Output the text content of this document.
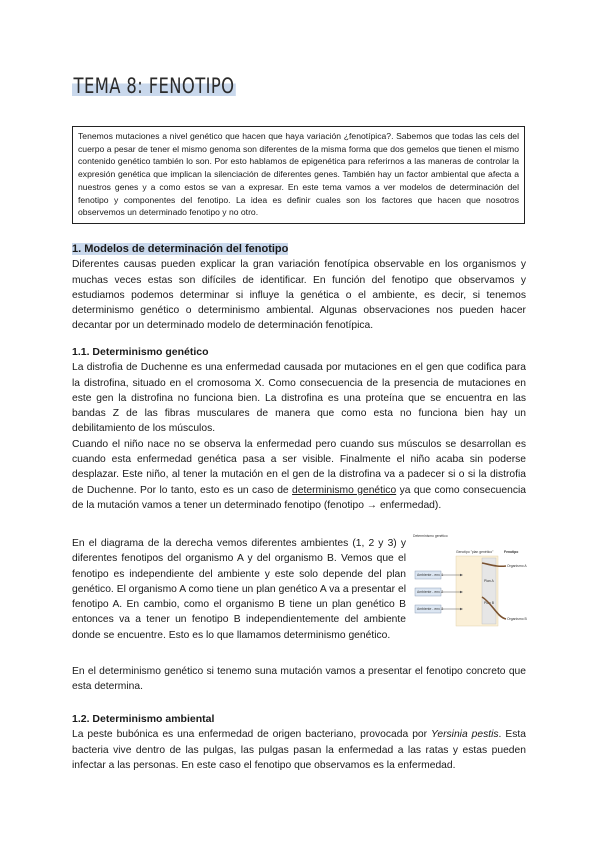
TEMA 8: FENOTIPO
Tenemos mutaciones a nivel genético que hacen que haya variación ¿fenotípica?. Sabemos que todas las cels del cuerpo a pesar de tener el mismo genoma son diferentes de la misma forma que dos gemelos que tienen el mismo contenido genético también lo son. Por esto hablamos de epigenética para referirnos a las maneras de controlar la expresión genética que implican la silenciación de diferentes genes. También hay un factor ambiental que afecta a nuestros genes y a como estos se van a expresar. En este tema vamos a ver modelos de determinación del fenotipo y componentes del fenotipo. La idea es definir cuales son los factores que hacen que nosotros observemos un determinado fenotipo y no otro.

1. Modelos de determinación del fenotipo

Diferentes causas pueden explicar la gran variación fenotípica observable en los organismos y muchas veces estas son difíciles de identificar. En función del fenotipo que observamos y estudiamos podemos determinar si influye la genética o el ambiente, es decir, si tenemos determinismo genético o determinismo ambiental. Algunas observaciones nos pueden hacer decantar por un determinado modelo de determinación fenotípica.

1.1. Determinismo genético

La distrofia de Duchenne es una enfermedad causada por mutaciones en el gen que codifica para la distrofina, situado en el cromosoma X. Como consecuencia de la presencia de mutaciones en este gen la distrofina no funciona bien. La distrofina es una proteína que se encuentra en las bandas Z de las fibras musculares de manera que como esta no funciona bien hay un debilitamiento de los músculos.

Cuando el niño nace no se observa la enfermedad pero cuando sus músculos se desarrollan es cuando esta enfermedad genética pasa a ser visible. Finalmente el niño acaba sin poderse desplazar. Este niño, al tener la mutación en el gen de la distrofina va a padecer si o si la distrofia de Duchenne. Por lo tanto, esto es un caso de determinismo genético ya que como consecuencia de la mutación vamos a tener un determinado fenotipo (fenotipo → enfermedad).

En el diagrama de la derecha vemos diferentes ambientes (1, 2 y 3) y diferentes fenotipos del organismo A y del organismo B. Vemos que el fenotipo es independiente del ambiente y este solo depende del plan genético. El organismo A como tiene un plan genético A va a presentar el fenotipo A. En cambio, como el organismo B tiene un plan genético B entonces va a tener un fenotipo B independientemente del ambiente donde se encuentre. Esto es lo que llamamos determinismo genético.

Determinismo genético
Genotipo "plan genético"	Fenotipo
Ambiente - env. 1
Ambiente - env. 2
Ambiente - env. 3
Plan A
Plan B
Organismo A
Organismo B

En el determinismo genético si tenemo suna mutación vamos a presentar el fenotipo concreto que esta determina.

1.2. Determinismo ambiental

La peste bubónica es una enfermedad de origen bacteriano, provocada por Yersinia pestis. Esta bacteria vive dentro de las pulgas, las pulgas pasan la enfermedad a las ratas y estas pueden infectar a las personas. En este caso el fenotipo que observamos es la enfermedad.
